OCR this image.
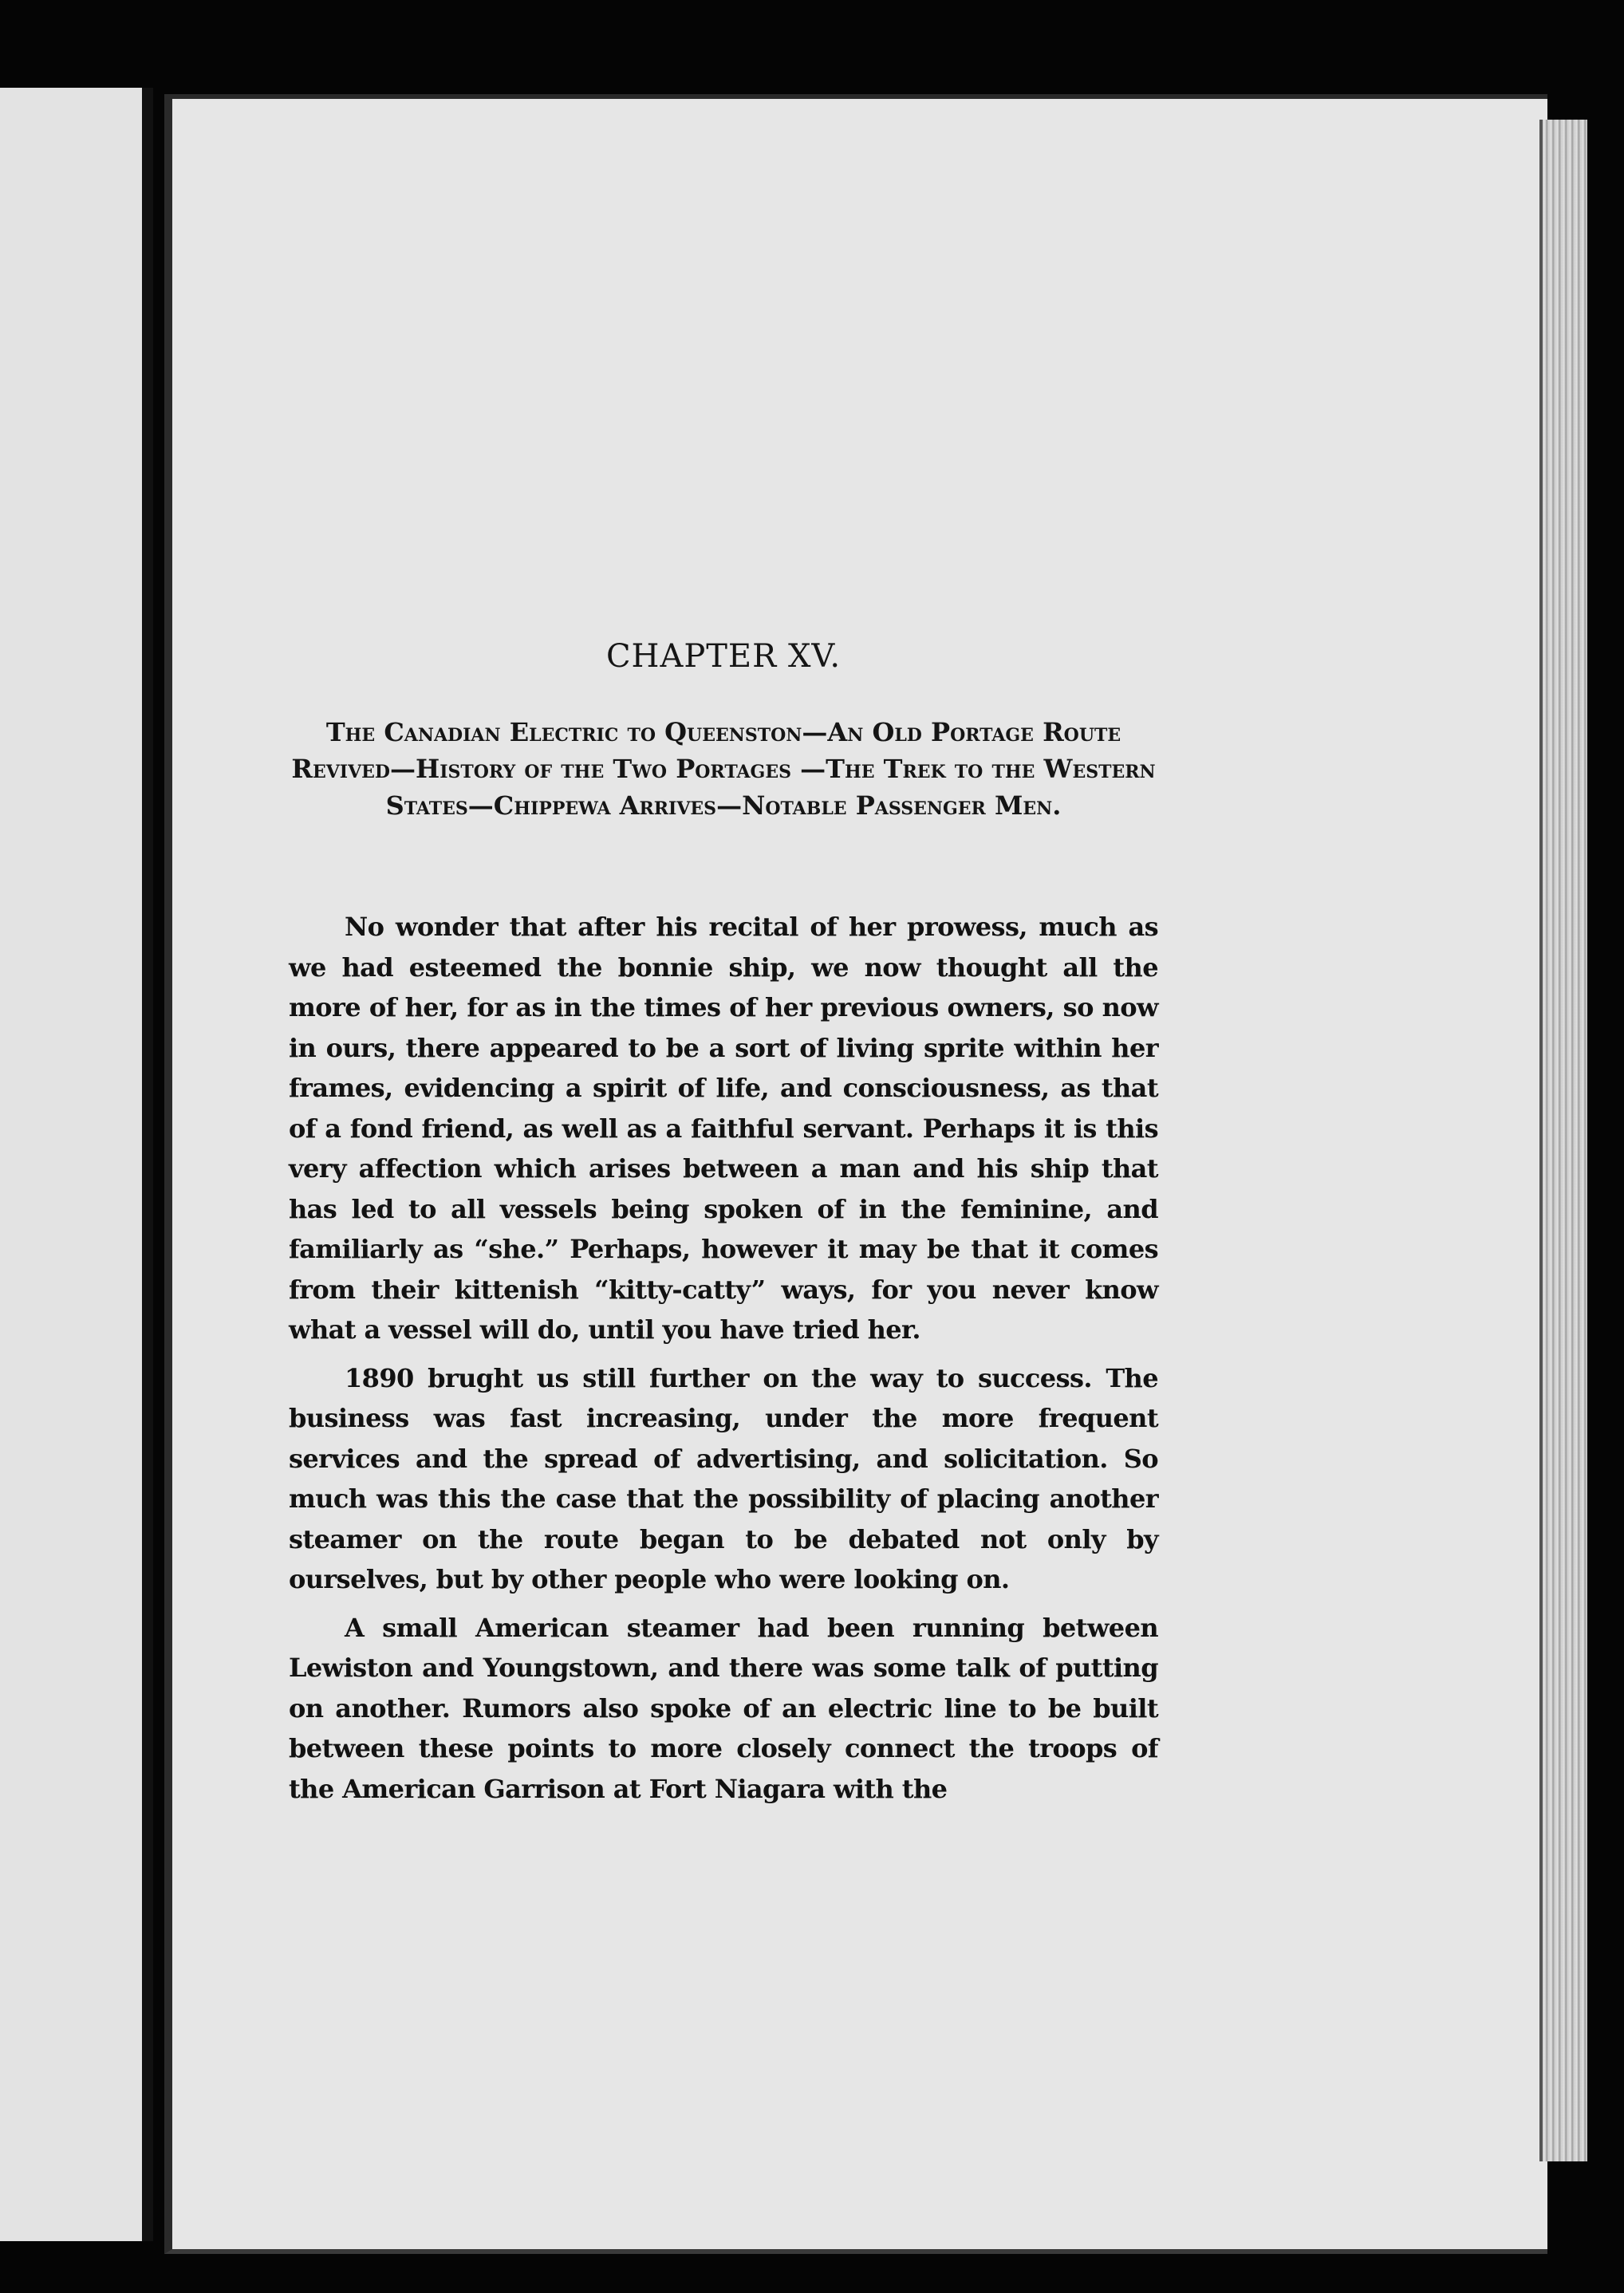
CHAPTER XV.
The Canadian Electric to Queenston—An Old Portage Route Revived—History of the Two Portages —The Trek to the Western States—Chippewa Arrives—Notable Passenger Men.

No wonder that after his recital of her prowess, much as we had esteemed the bonnie ship, we now thought all the more of her, for as in the times of her previous owners, so now in ours, there appeared to be a sort of living sprite within her frames, evidencing a spirit of life, and consciousness, as that of a fond friend, as well as a faithful servant. Perhaps it is this very affection which arises between a man and his ship that has led to all vessels being spoken of in the feminine, and familiarly as “she.” Perhaps, however it may be that it comes from their kittenish “kitty-catty” ways, for you never know what a vessel will do, until you have tried her.

1890 brught us still further on the way to success. The business was fast increasing, under the more frequent services and the spread of advertising, and solicitation. So much was this the case that the possibility of placing another steamer on the route began to be debated not only by ourselves, but by other people who were looking on.

A small American steamer had been running between Lewiston and Youngstown, and there was some talk of putting on another. Rumors also spoke of an electric line to be built between these points to more closely connect the troops of the American Garrison at Fort Niagara with the
